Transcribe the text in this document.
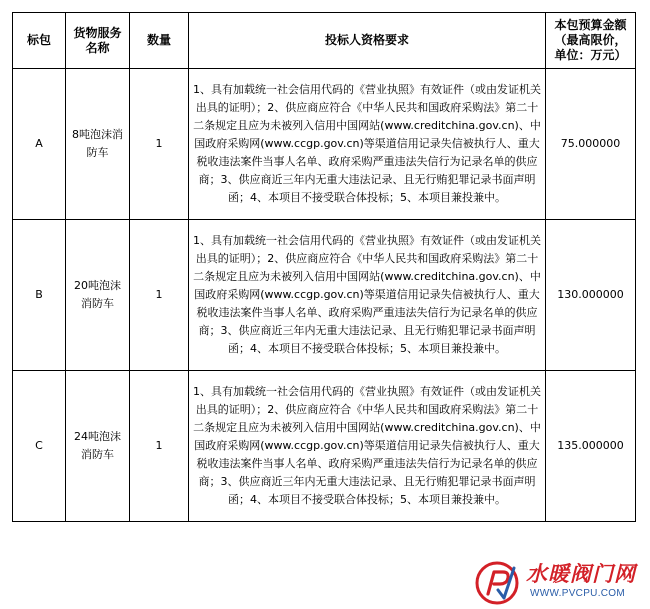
标包	货物服务名称	数量	投标人资格要求	本包预算金额（最高限价，单位：万元）
A	8吨泡沫消防车	1	1、具有加载统一社会信用代码的《营业执照》有效证件（或由发证机关出具的证明）；2、供应商应符合《中华人民共和国政府采购法》第二十二条规定且应为未被列入信用中国网站(www.creditchina.gov.cn)、中国政府采购网(www.ccgp.gov.cn)等渠道信用记录失信被执行人、重大税收违法案件当事人名单、政府采购严重违法失信行为记录名单的供应商；3、供应商近三年内无重大违法记录、且无行贿犯罪记录书面声明函；4、本项目不接受联合体投标；5、本项目兼投兼中。	75.000000
B	20吨泡沫消防车	1	1、具有加载统一社会信用代码的《营业执照》有效证件（或由发证机关出具的证明）；2、供应商应符合《中华人民共和国政府采购法》第二十二条规定且应为未被列入信用中国网站(www.creditchina.gov.cn)、中国政府采购网(www.ccgp.gov.cn)等渠道信用记录失信被执行人、重大税收违法案件当事人名单、政府采购严重违法失信行为记录名单的供应商；3、供应商近三年内无重大违法记录、且无行贿犯罪记录书面声明函；4、本项目不接受联合体投标；5、本项目兼投兼中。	130.000000
C	24吨泡沫消防车	1	1、具有加载统一社会信用代码的《营业执照》有效证件（或由发证机关出具的证明）；2、供应商应符合《中华人民共和国政府采购法》第二十二条规定且应为未被列入信用中国网站(www.creditchina.gov.cn)、中国政府采购网(www.ccgp.gov.cn)等渠道信用记录失信被执行人、重大税收违法案件当事人名单、政府采购严重违法失信行为记录名单的供应商；3、供应商近三年内无重大违法记录、且无行贿犯罪记录书面声明函；4、本项目不接受联合体投标；5、本项目兼投兼中。	135.000000
水暖阀门网
WWW.PVCPU.COM
